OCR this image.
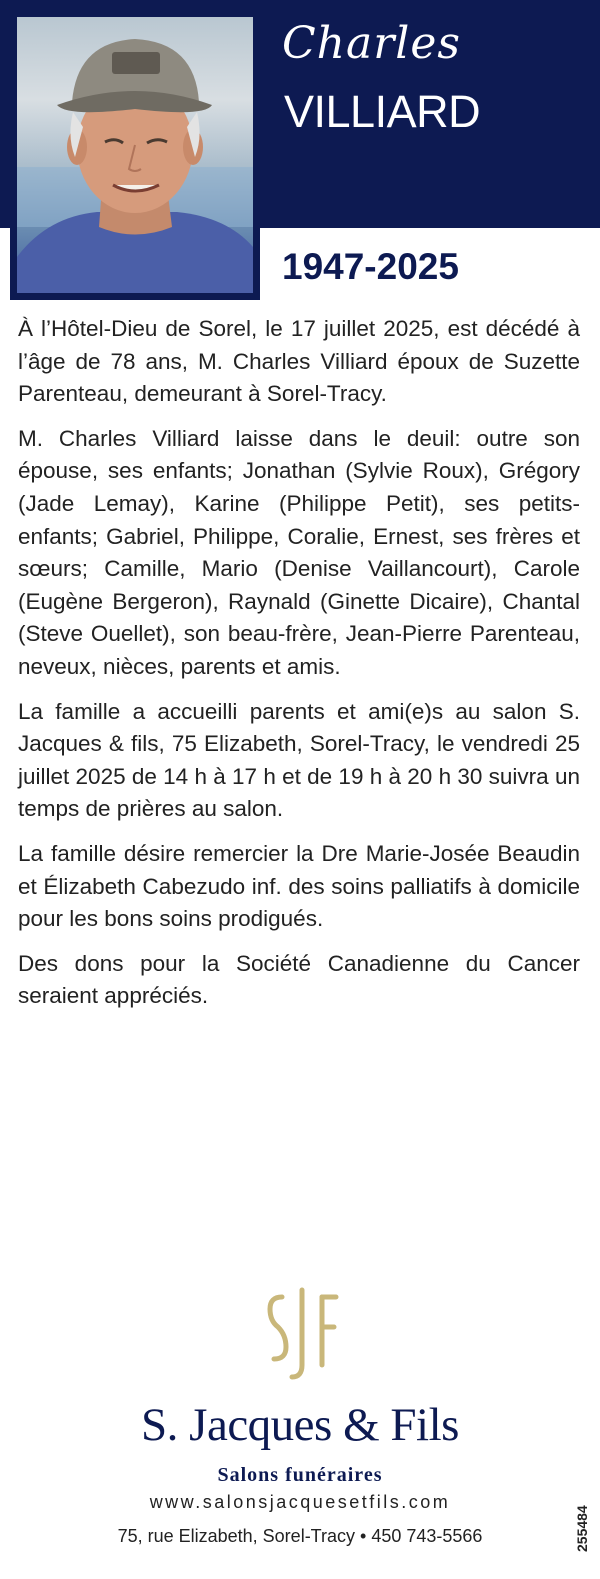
Charles
VILLIARD
1947-2025

À l’Hôtel-Dieu de Sorel, le 17 juillet 2025, est décédé à l’âge de 78 ans, M. Charles Villiard époux de Suzette Parenteau, demeurant à Sorel-Tracy.

M. Charles Villiard laisse dans le deuil: outre son épouse, ses enfants; Jonathan (Sylvie Roux), Grégory (Jade Lemay), Karine (Philippe Petit), ses petits-enfants; Gabriel, Philippe, Coralie, Ernest, ses frères et sœurs; Camille, Mario (Denise Vaillancourt), Carole (Eugène Bergeron), Raynald (Ginette Dicaire), Chantal (Steve Ouellet), son beau-frère, Jean-Pierre Parenteau, neveux, nièces, parents et amis.

La famille a accueilli parents et ami(e)s au salon S. Jacques & fils, 75 Elizabeth, Sorel-Tracy, le vendredi 25 juillet 2025 de 14 h à 17 h et de 19 h à 20 h 30 suivra un temps de prières au salon.

La famille désire remercier la Dre Marie-Josée Beaudin et Élizabeth Cabezudo inf. des soins palliatifs à domicile pour les bons soins prodigués.

Des dons pour la Société Canadienne du Cancer seraient appréciés.

S. Jacques & Fils
Salons funéraires
www.salonsjacquesetfils.com
75, rue Elizabeth, Sorel-Tracy • 450 743-5566	255484
